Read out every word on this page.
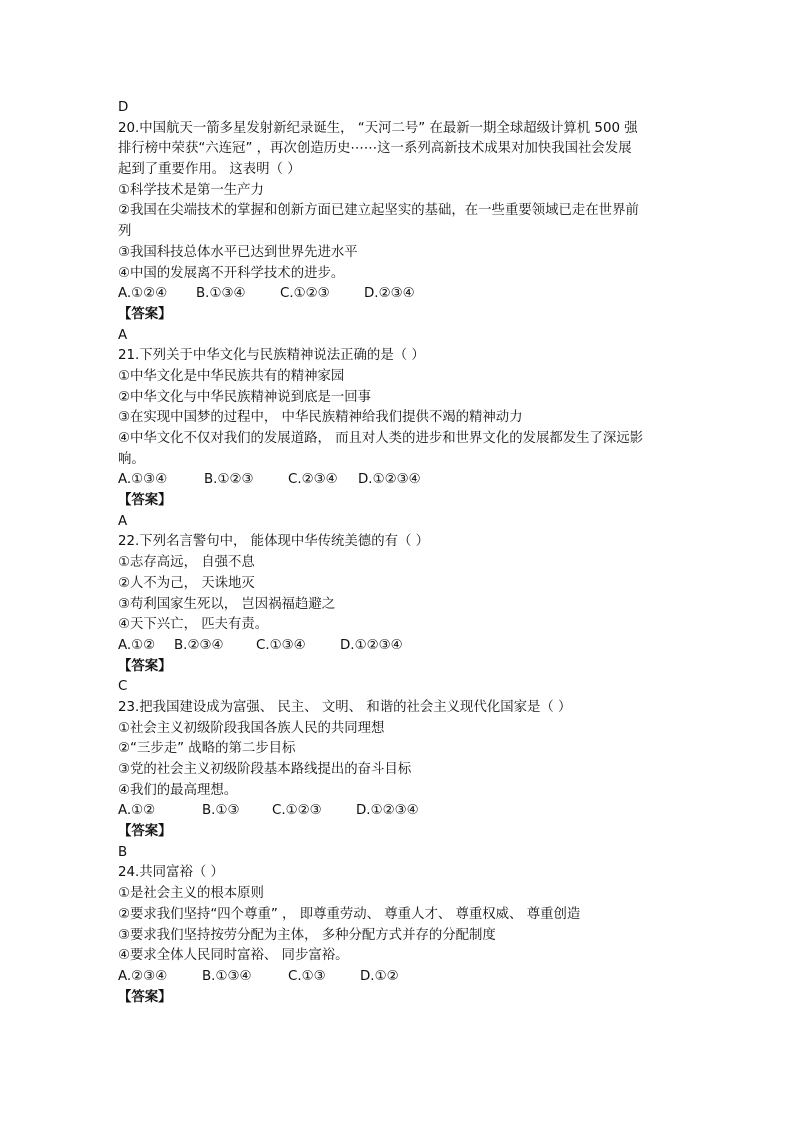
D
20.中国航天一箭多星发射新纪录诞生， “天河二号” 在最新一期全球超级计算机 500 强
排行榜中荣获“六连冠” ，再次创造历史⋯⋯这一系列高新技术成果对加快我国社会发展
起到了重要作用。 这表明（ ）
①科学技术是第一生产力
②我国在尖端技术的掌握和创新方面已建立起坚实的基础，在一些重要领域已走在世界前
列
③我国科技总体水平已达到世界先进水平
④中国的发展离不开科学技术的进步。
A.①②④	B.①③④	C.①②③	D.②③④
【答案】
A
21.下列关于中华文化与民族精神说法正确的是（ ）
①中华文化是中华民族共有的精神家园
②中华文化与中华民族精神说到底是一回事
③在实现中国梦的过程中， 中华民族精神给我们提供不竭的精神动力
④中华文化不仅对我们的发展道路， 而且对人类的进步和世界文化的发展都发生了深远影
响。
A.①③④	B.①②③	C.②③④	D.①②③④
【答案】
A
22.下列名言警句中， 能体现中华传统美德的有（ ）
①志存高远， 自强不息
②人不为己， 天诛地灭
③苟利国家生死以， 岂因祸福趋避之
④天下兴亡， 匹夫有责。
A.①②	B.②③④	C.①③④	D.①②③④
【答案】
C
23.把我国建设成为富强、 民主、 文明、 和谐的社会主义现代化国家是（ ）
①社会主义初级阶段我国各族人民的共同理想
②“三步走” 战略的第二步目标
③党的社会主义初级阶段基本路线提出的奋斗目标
④我们的最高理想。
A.①②	B.①③	C.①②③	D.①②③④
【答案】
B
24.共同富裕（ ）
①是社会主义的根本原则
②要求我们坚持“四个尊重” ， 即尊重劳动、 尊重人才、 尊重权威、 尊重创造
③要求我们坚持按劳分配为主体， 多种分配方式并存的分配制度
④要求全体人民同时富裕、 同步富裕。
A.②③④	B.①③④	C.①③	D.①②
【答案】
